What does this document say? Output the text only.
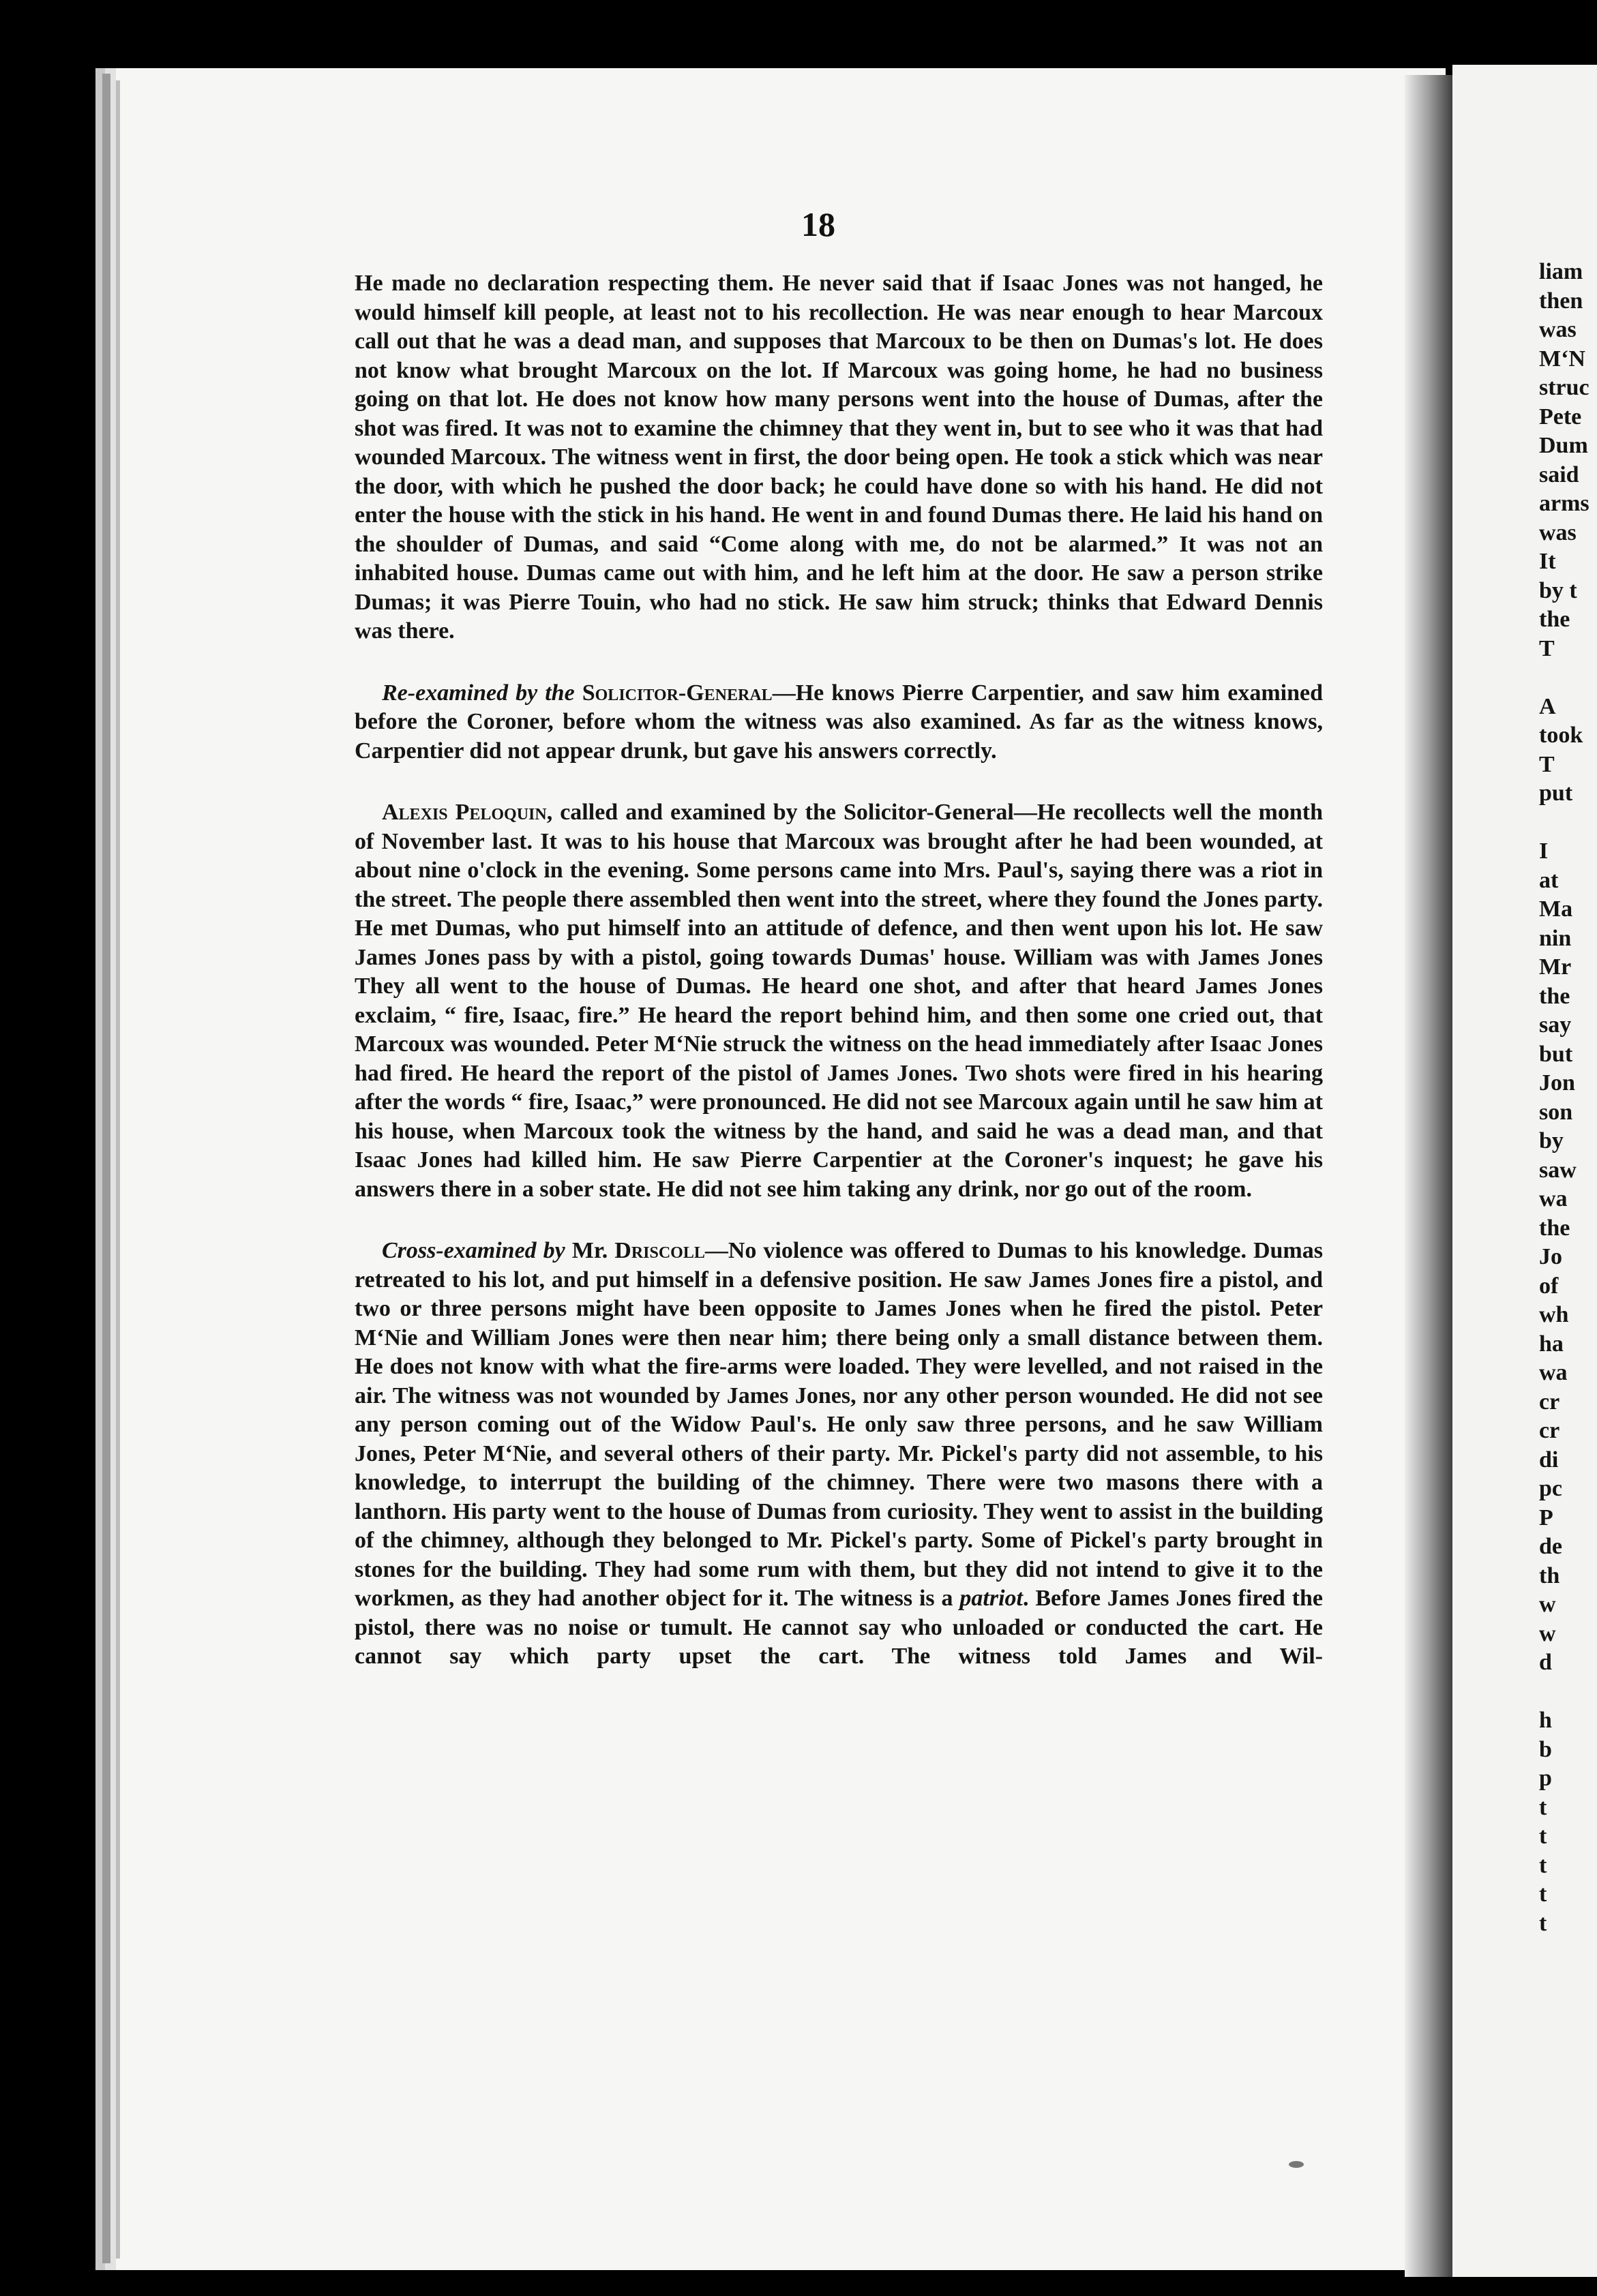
18

He made no declaration respecting them. He never said that if Isaac Jones was not hanged, he would himself kill people, at least not to his recollection. He was near enough to hear Marcoux call out that he was a dead man, and supposes that Marcoux to be then on Dumas's lot. He does not know what brought Marcoux on the lot. If Marcoux was going home, he had no business going on that lot. He does not know how many persons went into the house of Dumas, after the shot was fired. It was not to examine the chimney that they went in, but to see who it was that had wounded Marcoux. The witness went in first, the door being open. He took a stick which was near the door, with which he pushed the door back; he could have done so with his hand. He did not enter the house with the stick in his hand. He went in and found Dumas there. He laid his hand on the shoulder of Dumas, and said “Come along with me, do not be alarmed.” It was not an inhabited house. Dumas came out with him, and he left him at the door. He saw a person strike Dumas; it was Pierre Touin, who had no stick. He saw him struck; thinks that Edward Dennis was there.

Re-examined by the Solicitor-General—He knows Pierre Carpentier, and saw him examined before the Coroner, before whom the witness was also examined. As far as the witness knows, Carpentier did not appear drunk, but gave his answers correctly.

Alexis Peloquin, called and examined by the Solicitor-General—He recollects well the month of November last. It was to his house that Marcoux was brought after he had been wounded, at about nine o'clock in the evening. Some persons came into Mrs. Paul's, saying there was a riot in the street. The people there assembled then went into the street, where they found the Jones party. He met Dumas, who put himself into an attitude of defence, and then went upon his lot. He saw James Jones pass by with a pistol, going towards Dumas' house. William was with James Jones They all went to the house of Dumas. He heard one shot, and after that heard James Jones exclaim, “ fire, Isaac, fire.” He heard the report behind him, and then some one cried out, that Marcoux was wounded. Peter M‘Nie struck the witness on the head immediately after Isaac Jones had fired. He heard the report of the pistol of James Jones. Two shots were fired in his hearing after the words “ fire, Isaac,” were pronounced. He did not see Marcoux again until he saw him at his house, when Marcoux took the witness by the hand, and said he was a dead man, and that Isaac Jones had killed him. He saw Pierre Carpentier at the Coroner's inquest; he gave his answers there in a sober state. He did not see him taking any drink, nor go out of the room.

Cross-examined by Mr. Driscoll—No violence was offered to Dumas to his knowledge. Dumas retreated to his lot, and put himself in a defensive position. He saw James Jones fire a pistol, and two or three persons might have been opposite to James Jones when he fired the pistol. Peter M‘Nie and William Jones were then near him; there being only a small distance between them. He does not know with what the fire-arms were loaded. They were levelled, and not raised in the air. The witness was not wounded by James Jones, nor any other person wounded. He did not see any person coming out of the Widow Paul's. He only saw three persons, and he saw William Jones, Peter M‘Nie, and several others of their party. Mr. Pickel's party did not assemble, to his knowledge, to interrupt the building of the chimney. There were two masons there with a lanthorn. His party went to the house of Dumas from curiosity. They went to assist in the building of the chimney, although they belonged to Mr. Pickel's party. Some of Pickel's party brought in stones for the building. They had some rum with them, but they did not intend to give it to the workmen, as they had another object for it. The witness is a patriot. Before James Jones fired the pistol, there was no noise or tumult. He cannot say who unloaded or conducted the cart. He cannot say which party upset the cart. The witness told James and Wil-

liam
then
was
M‘N
struc
Pete
Dum
said
arms
was
It
by t
the
T
A
took
T
put
I
at
Ma
nin
Mr
the
say
but
Jon
son
by
saw
wa
the
Jo
of
wh
ha
wa
cr
cr
di
pc
P
de
th
w
w
d
h
b
p
t
t
t
t
t
